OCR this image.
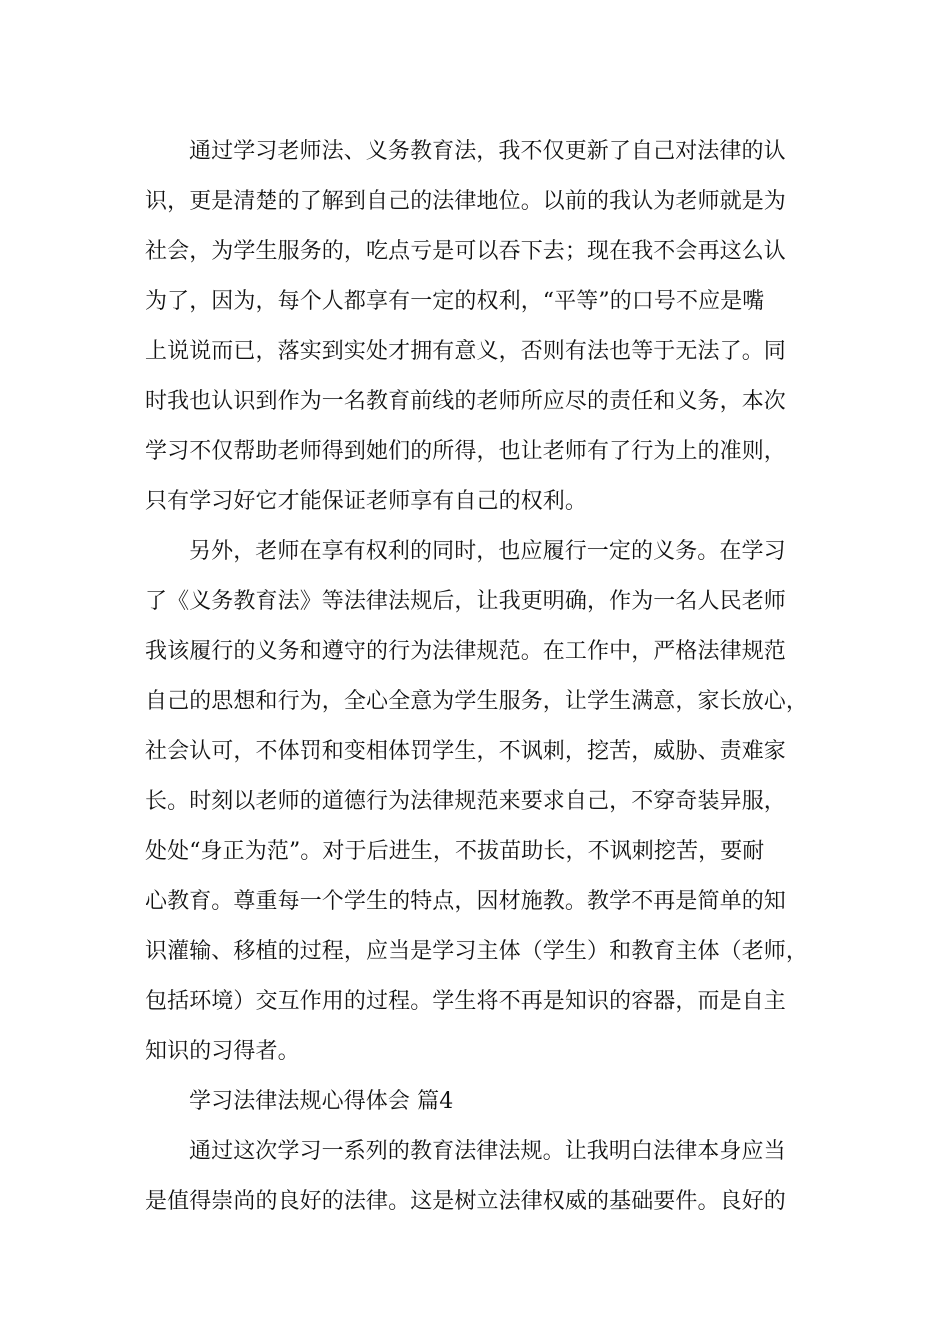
通过学习老师法、义务教育法，我不仅更新了自己对法律的认
识，更是清楚的了解到自己的法律地位。以前的我认为老师就是为
社会，为学生服务的，吃点亏是可以吞下去；现在我不会再这么认
为了，因为，每个人都享有一定的权利，“平等”的口号不应是嘴
上说说而已，落实到实处才拥有意义，否则有法也等于无法了。同
时我也认识到作为一名教育前线的老师所应尽的责任和义务，本次
学习不仅帮助老师得到她们的所得，也让老师有了行为上的准则，
只有学习好它才能保证老师享有自己的权利。
另外，老师在享有权利的同时，也应履行一定的义务。在学习
了《义务教育法》等法律法规后，让我更明确，作为一名人民老师
我该履行的义务和遵守的行为法律规范。在工作中，严格法律规范
自己的思想和行为，全心全意为学生服务，让学生满意，家长放心，
社会认可，不体罚和变相体罚学生，不讽刺，挖苦，威胁、责难家
长。时刻以老师的道德行为法律规范来要求自己，不穿奇装异服，
处处“身正为范”。对于后进生，不拔苗助长，不讽刺挖苦，要耐
心教育。尊重每一个学生的特点，因材施教。教学不再是简单的知
识灌输、移植的过程，应当是学习主体（学生）和教育主体（老师，
包括环境）交互作用的过程。学生将不再是知识的容器，而是自主
知识的习得者。
学习法律法规心得体会 篇4
通过这次学习一系列的教育法律法规。让我明白法律本身应当
是值得崇尚的良好的法律。这是树立法律权威的基础要件。良好的
